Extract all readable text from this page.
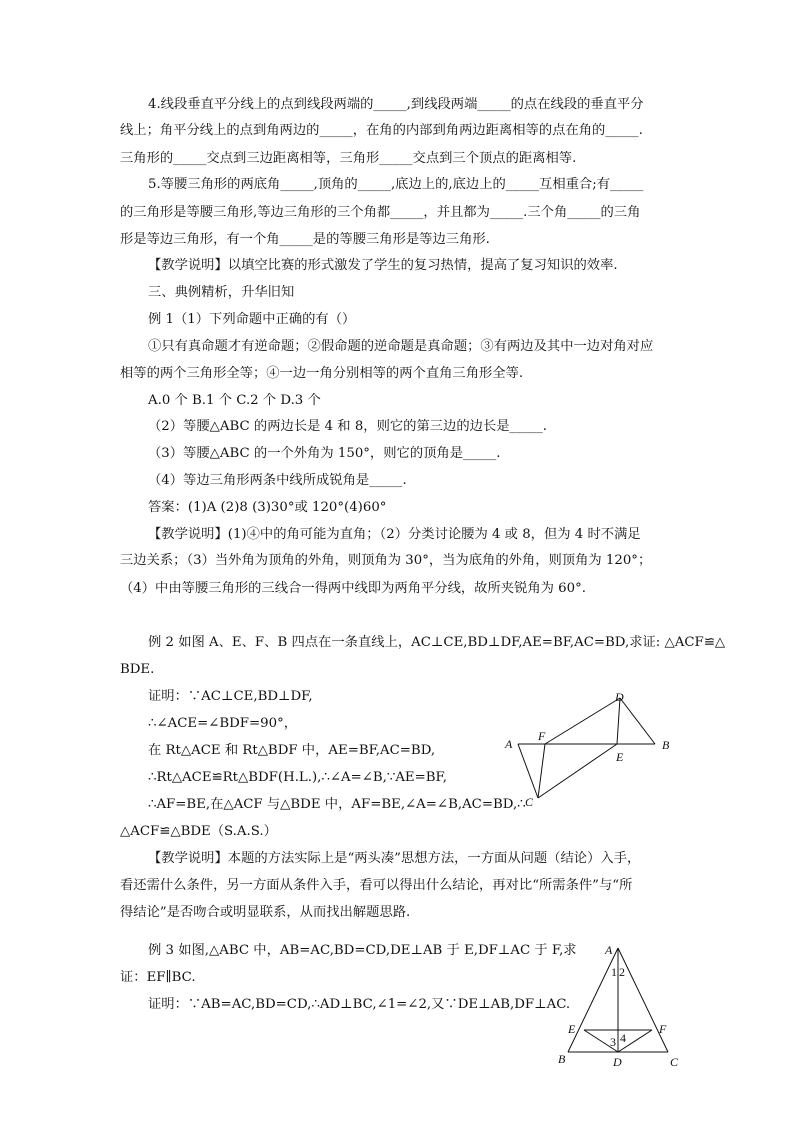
4.线段垂直平分线上的点到线段两端的_____,到线段两端_____的点在线段的垂直平分
线上；角平分线上的点到角两边的_____，在角的内部到角两边距离相等的点在角的_____.
三角形的_____交点到三边距离相等，三角形_____交点到三个顶点的距离相等.
5.等腰三角形的两底角_____,顶角的_____,底边上的,底边上的_____互相重合;有_____
的三角形是等腰三角形,等边三角形的三个角都_____，并且都为_____.三个角_____的三角
形是等边三角形，有一个角_____是的等腰三角形是等边三角形.
【教学说明】以填空比赛的形式激发了学生的复习热情，提高了复习知识的效率.
三、典例精析，升华旧知
例 1（1）下列命题中正确的有（）
①只有真命题才有逆命题；②假命题的逆命题是真命题；③有两边及其中一边对角对应
相等的两个三角形全等；④一边一角分别相等的两个直角三角形全等.
A.0 个 B.1 个 C.2 个 D.3 个
（2）等腰△ABC 的两边长是 4 和 8，则它的第三边的边长是_____.
（3）等腰△ABC 的一个外角为 150°，则它的顶角是_____.
（4）等边三角形两条中线所成锐角是_____.
答案：(1)A (2)8 (3)30°或 120°(4)60°
【教学说明】(1)④中的角可能为直角；（2）分类讨论腰为 4 或 8，但为 4 时不满足
三边关系；（3）当外角为顶角的外角，则顶角为 30°，当为底角的外角，则顶角为 120°；
（4）中由等腰三角形的三线合一得两中线即为两角平分线，故所夹锐角为 60°.
例 2 如图 A、E、F、B 四点在一条直线上，AC⊥CE,BD⊥DF,AE=BF,AC=BD,求证: △ACF≌△
BDE.
证明：∵AC⊥CE,BD⊥DF,
∴∠ACE=∠BDF=90°，
在 Rt△ACE 和 Rt△BDF 中，AE=BF,AC=BD,
∴Rt△ACE≌Rt△BDF(H.L.),∴∠A=∠B,∵AE=BF,
∴AF=BE,在△ACF 与△BDE 中，AF=BE,∠A=∠B,AC=BD,∴
△ACF≌△BDE（S.A.S.）
【教学说明】本题的方法实际上是“两头凑”思想方法，一方面从问题（结论）入手，
看还需什么条件，另一方面从条件入手，看可以得出什么结论，再对比“所需条件”与“所
得结论”是否吻合或明显联系，从而找出解题思路.
例 3 如图,△ABC 中，AB=AC,BD=CD,DE⊥AB 于 E,DF⊥AC 于 F,求
证：EF∥BC.
证明：∵AB=AC,BD=CD,∴AD⊥BC,∠1=∠2,又∵DE⊥AB,DF⊥AC.
D
A
F
B
E
C
A
1 2
E	F
3 4
B	D	C
